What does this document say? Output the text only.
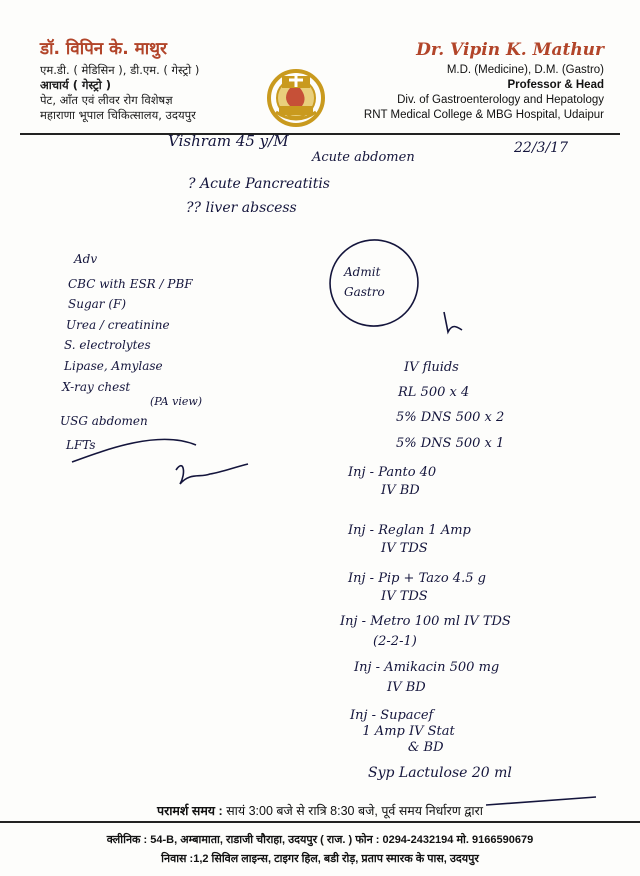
डॉ. विपिन के. माथुर
एम.डी. ( मेडिसिन ), डी.एम. ( गेस्ट्रो )
आचार्य ( गेस्ट्रो )
पेट, आँत एवं लीवर रोग विशेषज्ञ
महाराणा भूपाल चिकित्सालय, उदयपुर
Dr. Vipin K. Mathur
M.D. (Medicine), D.M. (Gastro)
Professor & Head
Div. of Gastroenterology and Hepatology
RNT Medical College & MBG Hospital, Udaipur
Vishram 45 y/M
Acute abdomen
22/3/17
? Acute Pancreatitis
?? liver abscess
Adv
CBC with ESR / PBF
Sugar (F)
Urea / creatinine
S. electrolytes
Lipase, Amylase
X-ray chest
(PA view)
USG abdomen
LFTs
Admit
Gastro
IV fluids
RL 500 x 4
5% DNS 500 x 2
5% DNS 500 x 1
Inj - Panto 40
IV BD
Inj - Reglan 1 Amp
IV TDS
Inj - Pip + Tazo 4.5 g
IV TDS
Inj - Metro 100 ml IV TDS
(2-2-1)
Inj - Amikacin 500 mg
IV BD
Inj - Supacef
1 Amp IV Stat
& BD
Syp Lactulose 20 ml
परामर्श समय : सायं 3:00 बजे से रात्रि 8:30 बजे, पूर्व समय निर्धारण द्वारा
क्लीनिक : 54-B, अम्बामाता, राडाजी चौराहा, उदयपुर ( राज. ) फोन : 0294-2432194 मो. 9166590679
निवास :1,2 सिविल लाइन्स, टाइगर हिल, बडी रोड़, प्रताप स्मारक के पास, उदयपुर
